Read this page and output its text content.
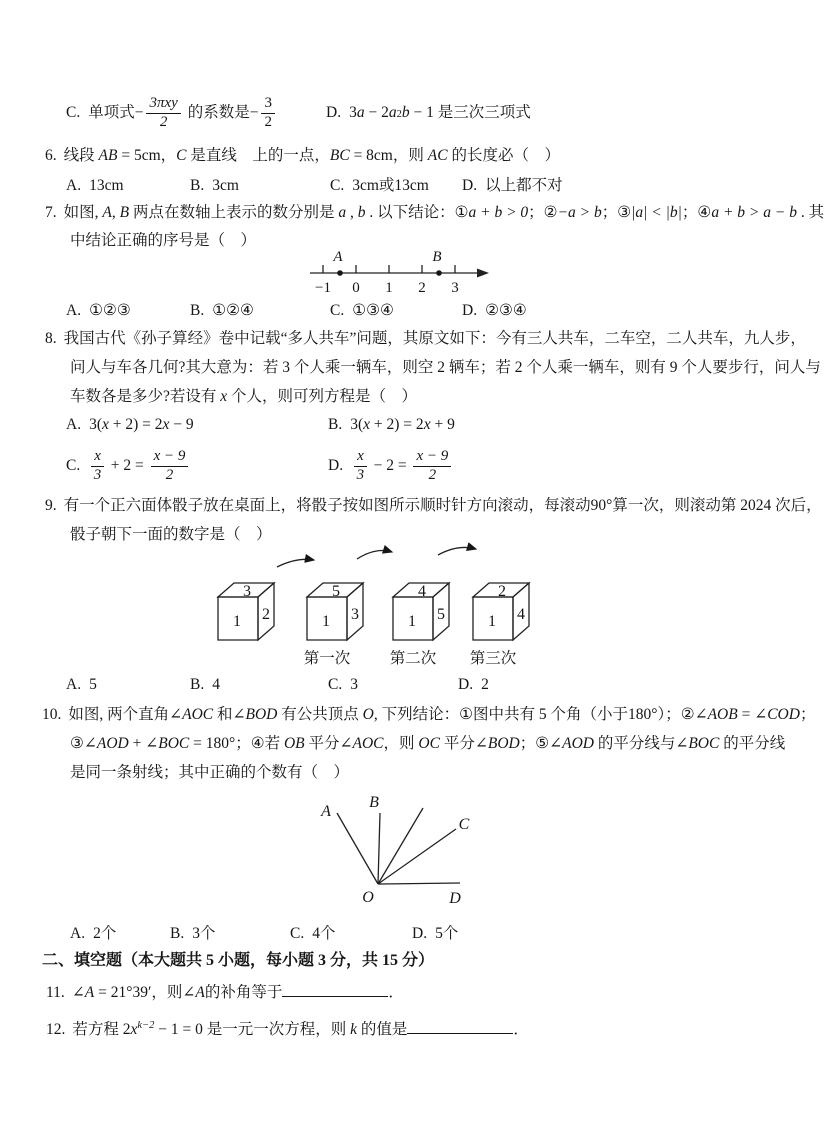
C. 单项式 − $\frac{\text{3πxy}}{2}$ 的系数是 − $\frac{3}{2}$	D. 3 a − 2 a 2 b − 1 是三次三项式
6. 线段 AB = 5cm，C 是直线　上的一点，BC = 8cm，则 AC 的长度必（　）
A. 13cm	B. 3cm	C. 3cm或13cm D. 以上都不对
7. 如图, A, B 两点在数轴上表示的数分别是 a , b . 以下结论：①a + b > 0；②−a > b；③|a| < |b|；④a + b > a − b . 其
中结论正确的序号是（　）
A	B
−1 0 1 2 3
A. ①②③	B. ①②④	C. ①③④	D. ②③④
8. 我国古代《孙子算经》卷中记载“多人共车”问题，其原文如下：今有三人共车，二车空，二人共车，九人步，
问人与车各几何?其大意为：若 3 个人乘一辆车，则空 2 辆车；若 2 个人乘一辆车，则有 9 个人要步行，问人与
车数各是多少?若设有 x 个人，则可列方程是（　）
A. 3(x + 2) = 2x − 9	B. 3(x + 2) = 2x + 9
C. $\frac{x}{3} + 2 = \frac{x - 9}{2}$	D. $\frac{x}{3} - 2 = \frac{x - 9}{2}$
9. 有一个正六面体骰子放在桌面上，将骰子按如图所示顺时针方向滚动，每滚动90°算一次，则滚动第 2024 次后，
骰子朝下一面的数字是（　）
3
1 2
5
1 3
4
1 5
2
1 4
第一次	第二次 第三次
A. 5	B. 4	C. 3	D. 2
10. 如图, 两个直角∠AOC 和∠BOD 有公共顶点 O, 下列结论：①图中共有 5 个角（小于180°）；②∠AOB = ∠COD；
③∠AOD + ∠BOC = 180°；④若 OB 平分∠AOC，则 OC 平分∠BOD；⑤∠AOD 的平分线与∠BOC 的平分线
是同一条射线；其中正确的个数有（　）
A
B
C
D
O
A. 2个	B. 3个	C. 4个	D. 5个
二、填空题（本大题共 5 小题，每小题 3 分，共 15 分）
11. ∠A = 21°39′，则∠A的补角等于	．
12. 若方程 $2x^{k-2} - 1 = 0$ 是一元一次方程，则 k 的值是	．
